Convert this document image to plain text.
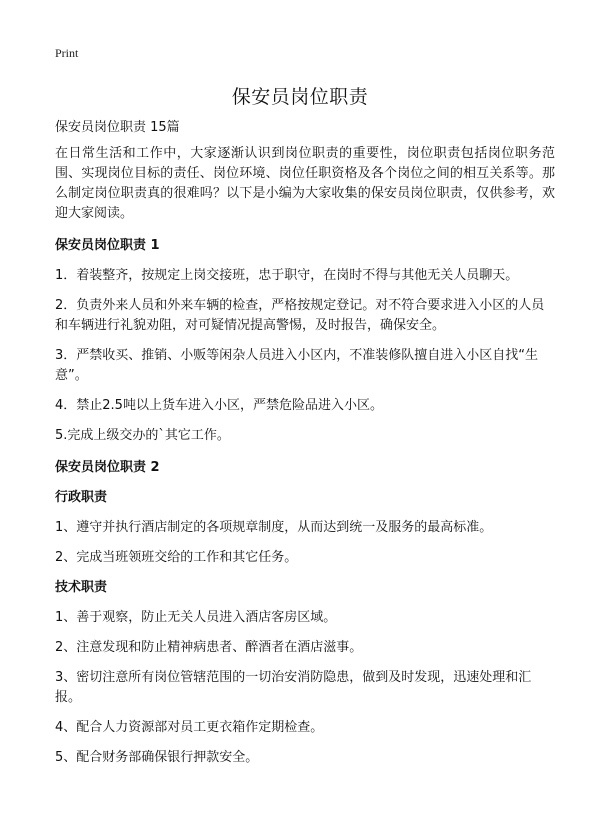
Print
保安员岗位职责

保安员岗位职责 15篇

在日常生活和工作中，大家逐渐认识到岗位职责的重要性，岗位职责包括岗位职务范围、实现岗位目标的责任、岗位环境、岗位任职资格及各个岗位之间的相互关系等。那么制定岗位职责真的很难吗？以下是小编为大家收集的保安员岗位职责，仅供参考，欢迎大家阅读。

保安员岗位职责 1

1．着装整齐，按规定上岗交接班，忠于职守，在岗时不得与其他无关人员聊天。

2．负责外来人员和外来车辆的检查，严格按规定登记。对不符合要求进入小区的人员和车辆进行礼貌劝阻，对可疑情况提高警惕，及时报告，确保安全。

3．严禁收买、推销、小贩等闲杂人员进入小区内，不准装修队擅自进入小区自找“生意”。

4．禁止2.5吨以上货车进入小区，严禁危险品进入小区。

5.完成上级交办的`其它工作。

保安员岗位职责 2
行政职责

1、遵守并执行酒店制定的各项规章制度，从而达到统一及服务的最高标准。

2、完成当班领班交给的工作和其它任务。

技术职责

1、善于观察，防止无关人员进入酒店客房区域。

2、注意发现和防止精神病患者、醉酒者在酒店滋事。

3、密切注意所有岗位管辖范围的一切治安消防隐患，做到及时发现，迅速处理和汇报。

4、配合人力资源部对员工更衣箱作定期检查。

5、配合财务部确保银行押款安全。
